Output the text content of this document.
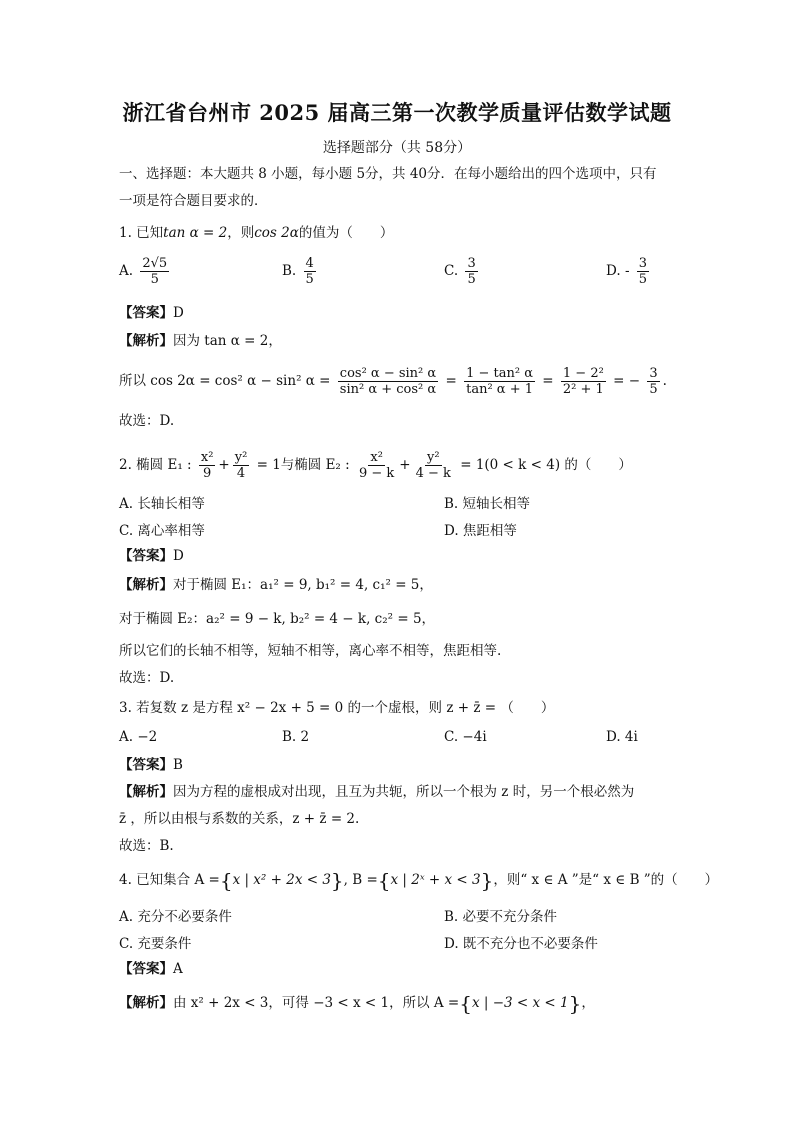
浙江省台州市 2025 届高三第一次教学质量评估数学试题
选择题部分（共 58分）
一、选择题：本大题共 8 小题，每小题 5分，共 40分．在每小题给出的四个选项中，只有
一项是符合题目要求的．
1. 已知tan α = 2，则cos 2α的值为（　　）
A. $\frac{2√5}{5}$	B. $\frac{4}{5}$	C. $\frac{3}{5}$	D. - $\frac{3}{5}$
【答案】D
【解析】因为 tan α = 2，
所以 cos 2α = cos² α − sin² $\alpha = \frac{\text{cos² α − sin² α}}{\text{sin² α + cos² α}} = \frac{\text{1 − tan² α}}{\text{tan² α + 1}} = \frac{\text{1 − 2²}}{\text{2² + 1}}$ = − $\frac{3}{5}$ .
故选：D.
2. 椭圆 E₁ : $\frac{\text{x²}}{9} + \frac{\text{y²}}{4} = 1$与椭圆 E₂ : $\frac{\text{x²}}{9 - k} + \frac{\text{y²}}{4 - k} = 1(0 < k < 4)$ 的（　　）
A. 长轴长相等	B. 短轴长相等
C. 离心率相等	D. 焦距相等
【答案】D
【解析】对于椭圆 E₁：a₁² = 9, b₁² = 4, c₁² = 5，
对于椭圆 E₂：a₂² = 9 − k, b₂² = 4 − k, c₂² = 5，
所以它们的长轴不相等，短轴不相等，离心率不相等，焦距相等.
故选：D.
3. 若复数 z 是方程 x² − 2x + 5 = 0 的一个虚根，则 z + z̄ = （　　）
A. −2	B. 2	C. −4i	D. 4i
【答案】B
【解析】因为方程的虚根成对出现，且互为共轭，所以一个根为 z 时，另一个根必然为
z̄ ，所以由根与系数的关系，z + z̄ = 2.
故选：B.
4. 已知集合 A ={x | x² + 2x < 3}, B ={x | 2ˣ + x < 3}，则“ x ∈ A ”是“ x ∈ B ”的（　　）
A. 充分不必要条件	B. 必要不充分条件
C. 充要条件	D. 既不充分也不必要条件
【答案】A
【解析】由 x² + 2x < 3，可得 −3 < x < 1，所以 A ={x | −3 < x < 1}，
